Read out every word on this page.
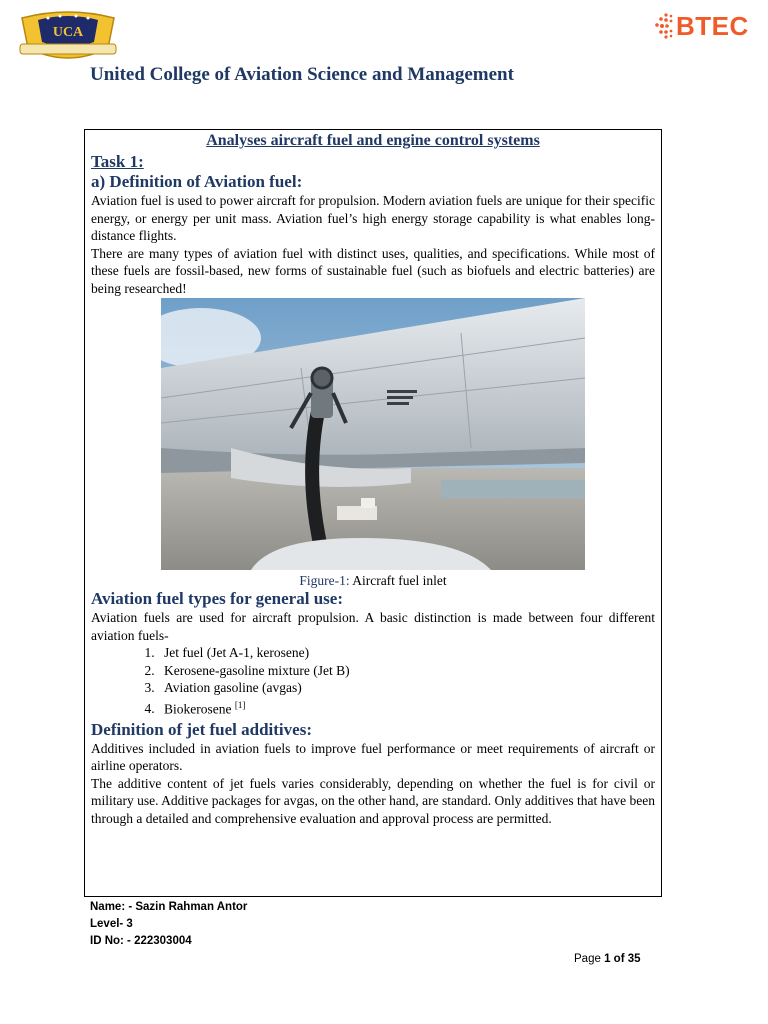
UCA	BTEC
United College of Aviation Science and Management
Analyses aircraft fuel and engine control systems
Task 1:
a) Definition of Aviation fuel:

Aviation fuel is used to power aircraft for propulsion. Modern aviation fuels are unique for their specific energy, or energy per unit mass. Aviation fuel’s high energy storage capability is what enables long-distance flights.

There are many types of aviation fuel with distinct uses, qualities, and specifications. While most of these fuels are fossil-based, new forms of sustainable fuel (such as biofuels and electric batteries) are being researched!

Figure-1: Aircraft fuel inlet
Aviation fuel types for general use:

Aviation fuels are used for aircraft propulsion. A basic distinction is made between four different aviation fuels-

1. Jet fuel (Jet A-1, kerosene)
2. Kerosene-gasoline mixture (Jet B)
3. Aviation gasoline (avgas)
4. Biokerosene [1]
Definition of jet fuel additives:

Additives included in aviation fuels to improve fuel performance or meet requirements of aircraft or airline operators.

The additive content of jet fuels varies considerably, depending on whether the fuel is for civil or military use. Additive packages for avgas, on the other hand, are standard. Only additives that have been through a detailed and comprehensive evaluation and approval process are permitted.

Name: - Sazin Rahman Antor
Level- 3
ID No: - 222303004
Page 1 of 35
